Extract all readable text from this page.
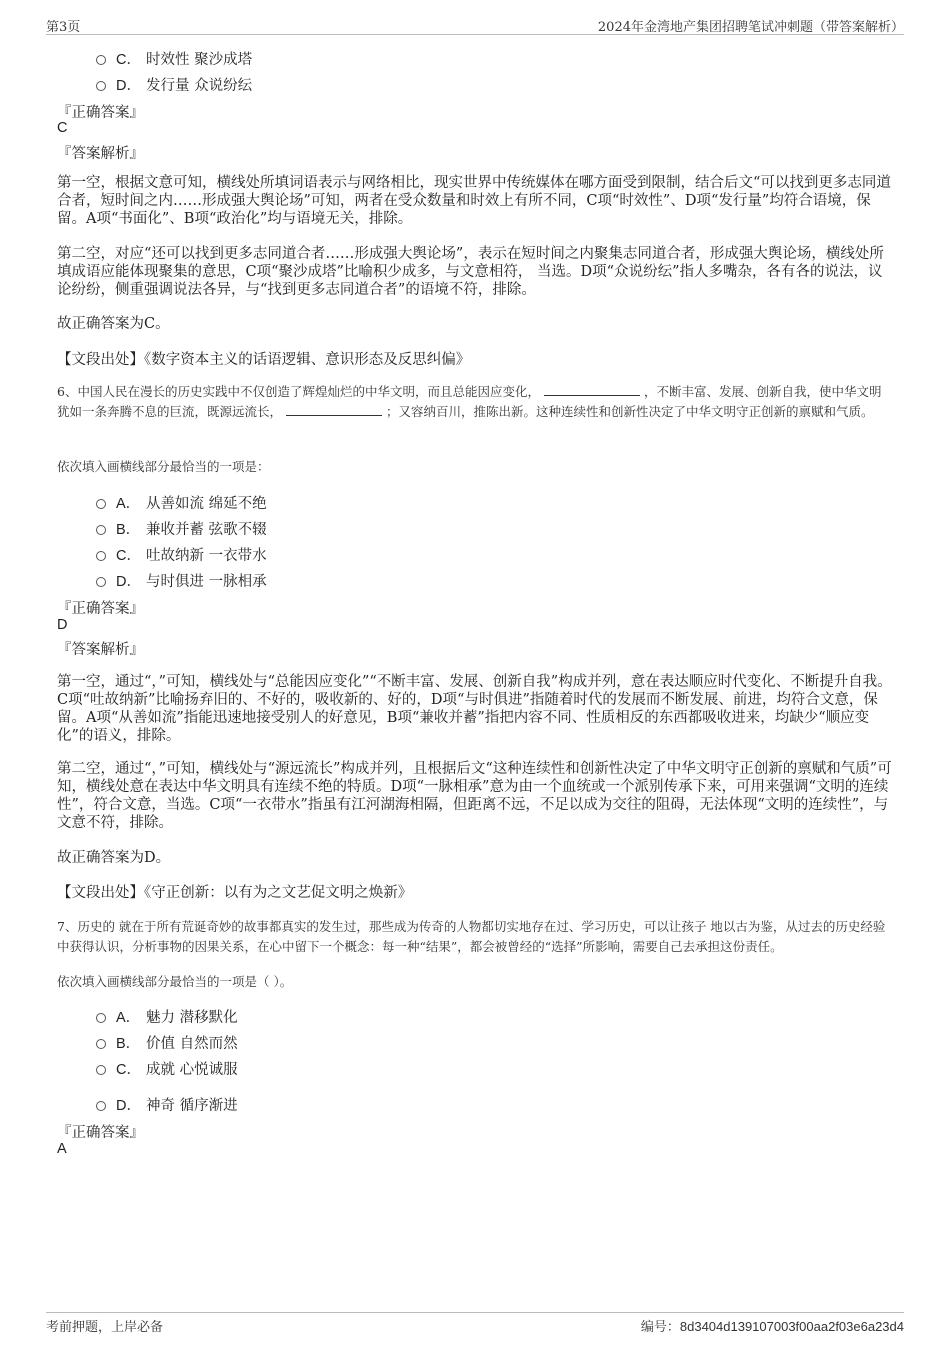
第3页	2024年金湾地产集团招聘笔试冲刺题（带答案解析）
C． 时效性 聚沙成塔
D． 发行量 众说纷纭
『正确答案』
C
『答案解析』
第一空，根据文意可知，横线处所填词语表示与网络相比，现实世界中传统媒体在哪方面受到限制，结合后文“可以找到更多志同道合者，短时间之内……形成强大舆论场”可知，两者在受众数量和时效上有所不同，C项“时效性”、D项“发行量”均符合语境，保留。A项“书面化”、B项“政治化”均与语境无关，排除。
第二空，对应“还可以找到更多志同道合者……形成强大舆论场”，表示在短时间之内聚集志同道合者，形成强大舆论场，横线处所填成语应能体现聚集的意思，C项“聚沙成塔”比喻积少成多，与文意相符， 当选。D项“众说纷纭”指人多嘴杂，各有各的说法，议论纷纷，侧重强调说法各异，与“找到更多志同道合者”的语境不符，排除。
故正确答案为C。
【文段出处】《数字资本主义的话语逻辑、意识形态及反思纠偏》
6、中国人民在漫长的历史实践中不仅创造了辉煌灿烂的中华文明，而且总能因应变化，	，不断丰富、发展、创新自我，使中华文明犹如一条奔腾不息的巨流，既源远流长，	；又容纳百川，推陈出新。这种连续性和创新性决定了中华文明守正创新的禀赋和气质。
依次填入画横线部分最恰当的一项是：
A． 从善如流 绵延不绝
B． 兼收并蓄 弦歌不辍
C． 吐故纳新 一衣带水
D． 与时俱进 一脉相承
『正确答案』
D
『答案解析』
第一空，通过“，”可知，横线处与“总能因应变化”“不断丰富、发展、创新自我”构成并列，意在表达顺应时代变化、不断提升自我。C项“吐故纳新”比喻扬弃旧的、不好的，吸收新的、好的，D项“与时俱进”指随着时代的发展而不断发展、前进，均符合文意，保留。A项“从善如流”指能迅速地接受别人的好意见，B项“兼收并蓄”指把内容不同、性质相反的东西都吸收进来，均缺少“顺应变化”的语义，排除。
第二空，通过“，”可知，横线处与“源远流长”构成并列，且根据后文“这种连续性和创新性决定了中华文明守正创新的禀赋和气质”可知，横线处意在表达中华文明具有连续不绝的特质。D项“一脉相承”意为由一个血统或一个派别传承下来，可用来强调“文明的连续性”，符合文意，当选。C项“一衣带水”指虽有江河湖海相隔，但距离不远，不足以成为交往的阻碍，无法体现“文明的连续性”，与文意不符，排除。
故正确答案为D。
【文段出处】《守正创新：以有为之文艺促文明之焕新》
7、历史的 就在于所有荒诞奇妙的故事都真实的发生过，那些成为传奇的人物都切实地存在过、学习历史，可以让孩子 地以古为鉴，从过去的历史经验中获得认识，分析事物的因果关系，在心中留下一个概念：每一种“结果”，都会被曾经的“选择”所影响，需要自己去承担这份责任。
依次填入画横线部分最恰当的一项是（ ）。
A． 魅力 潜移默化
B． 价值 自然而然
C． 成就 心悦诚服
D． 神奇 循序渐进
『正确答案』
A
考前押题，上岸必备	编号：8d3404d139107003f00aa2f03e6a23d4
